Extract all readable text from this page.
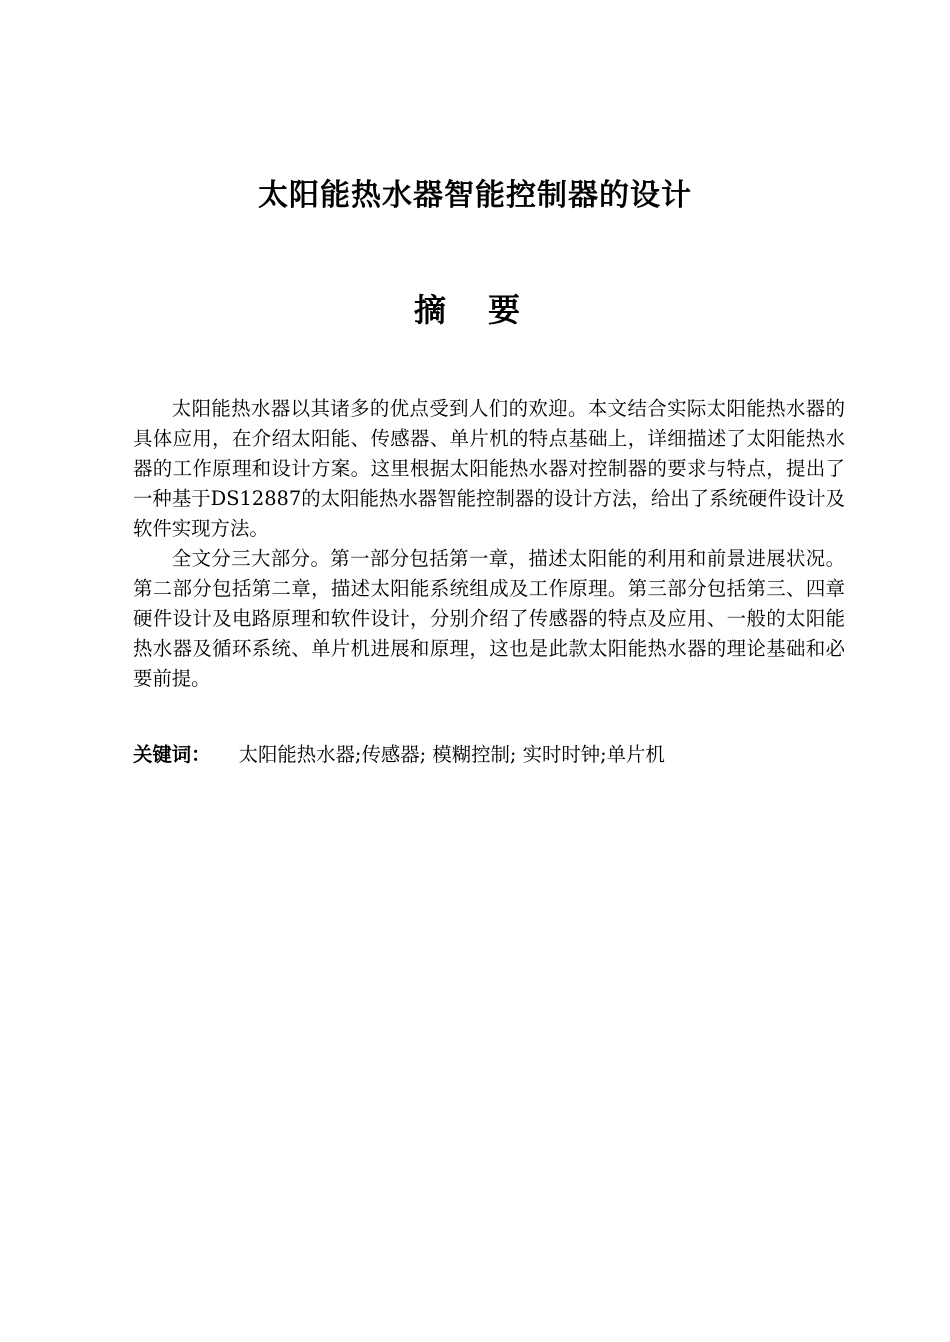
太阳能热水器智能控制器的设计
摘要

太阳能热水器以其诸多的优点受到人们的欢迎。本文结合实际太阳能热水器的具体应用，在介绍太阳能、传感器、单片机的特点基础上，详细描述了太阳能热水器的工作原理和设计方案。这里根据太阳能热水器对控制器的要求与特点，提出了一种基于DS12887的太阳能热水器智能控制器的设计方法，给出了系统硬件设计及软件实现方法。

全文分三大部分。第一部分包括第一章，描述太阳能的利用和前景进展状况。第二部分包括第二章，描述太阳能系统组成及工作原理。第三部分包括第三、四章硬件设计及电路原理和软件设计，分别介绍了传感器的特点及应用、一般的太阳能热水器及循环系统、单片机进展和原理，这也是此款太阳能热水器的理论基础和必要前提。

关键词： 太阳能热水器;传感器; 模糊控制; 实时时钟;单片机
